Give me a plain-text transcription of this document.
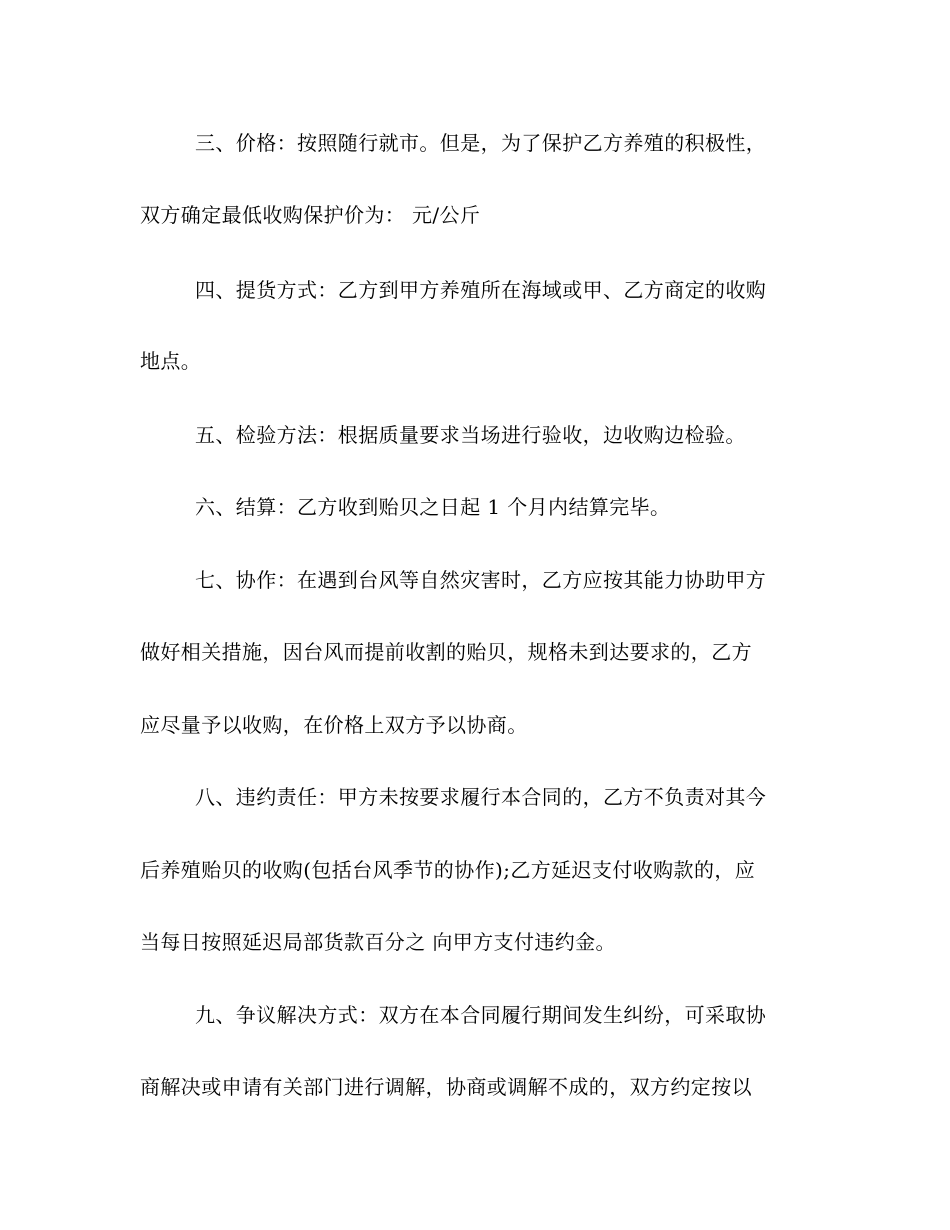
三、价格：按照随行就市。但是，为了保护乙方养殖的积极性，
双方确定最低收购保护价为： 元/公斤
四、提货方式：乙方到甲方养殖所在海域或甲、乙方商定的收购
地点。
五、检验方法：根据质量要求当场进行验收，边收购边检验。
六、结算：乙方收到贻贝之日起 1 个月内结算完毕。
七、协作：在遇到台风等自然灾害时，乙方应按其能力协助甲方
做好相关措施，因台风而提前收割的贻贝，规格未到达要求的，乙方
应尽量予以收购，在价格上双方予以协商。
八、违约责任：甲方未按要求履行本合同的，乙方不负责对其今
后养殖贻贝的收购(包括台风季节的协作);乙方延迟支付收购款的，应
当每日按照延迟局部货款百分之 向甲方支付违约金。
九、争议解决方式：双方在本合同履行期间发生纠纷，可采取协
商解决或申请有关部门进行调解，协商或调解不成的，双方约定按以
